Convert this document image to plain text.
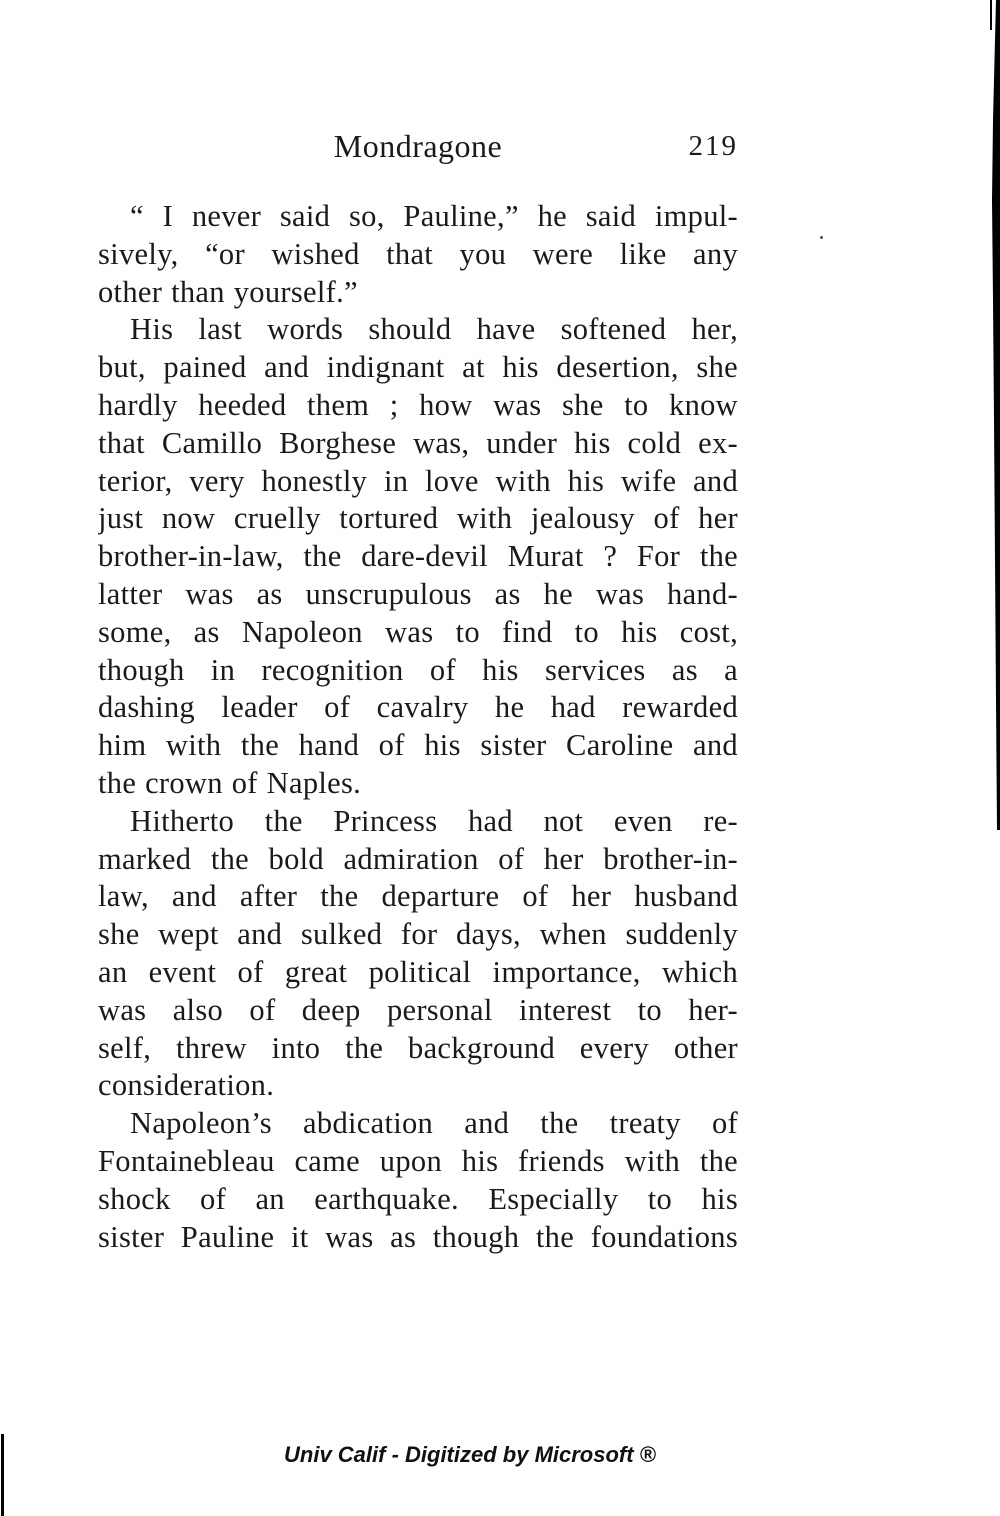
Mondragone	219

“ I never said so, Pauline,” he said impul-
sively, “or wished that you were like any
other than yourself.”

His last words should have softened her,
but, pained and indignant at his desertion, she
hardly heeded them ; how was she to know
that Camillo Borghese was, under his cold ex-
terior, very honestly in love with his wife and
just now cruelly tortured with jealousy of her
brother-in-law, the dare-devil Murat ? For the
latter was as unscrupulous as he was hand-
some, as Napoleon was to find to his cost,
though in recognition of his services as a
dashing leader of cavalry he had rewarded
him with the hand of his sister Caroline and
the crown of Naples.

Hitherto the Princess had not even re-
marked the bold admiration of her brother-in-
law, and after the departure of her husband
she wept and sulked for days, when suddenly
an event of great political importance, which
was also of deep personal interest to her-
self, threw into the background every other
consideration.

Napoleon’s abdication and the treaty of
Fontainebleau came upon his friends with the
shock of an earthquake. Especially to his
sister Pauline it was as though the foundations

Univ Calif - Digitized by Microsoft ®
